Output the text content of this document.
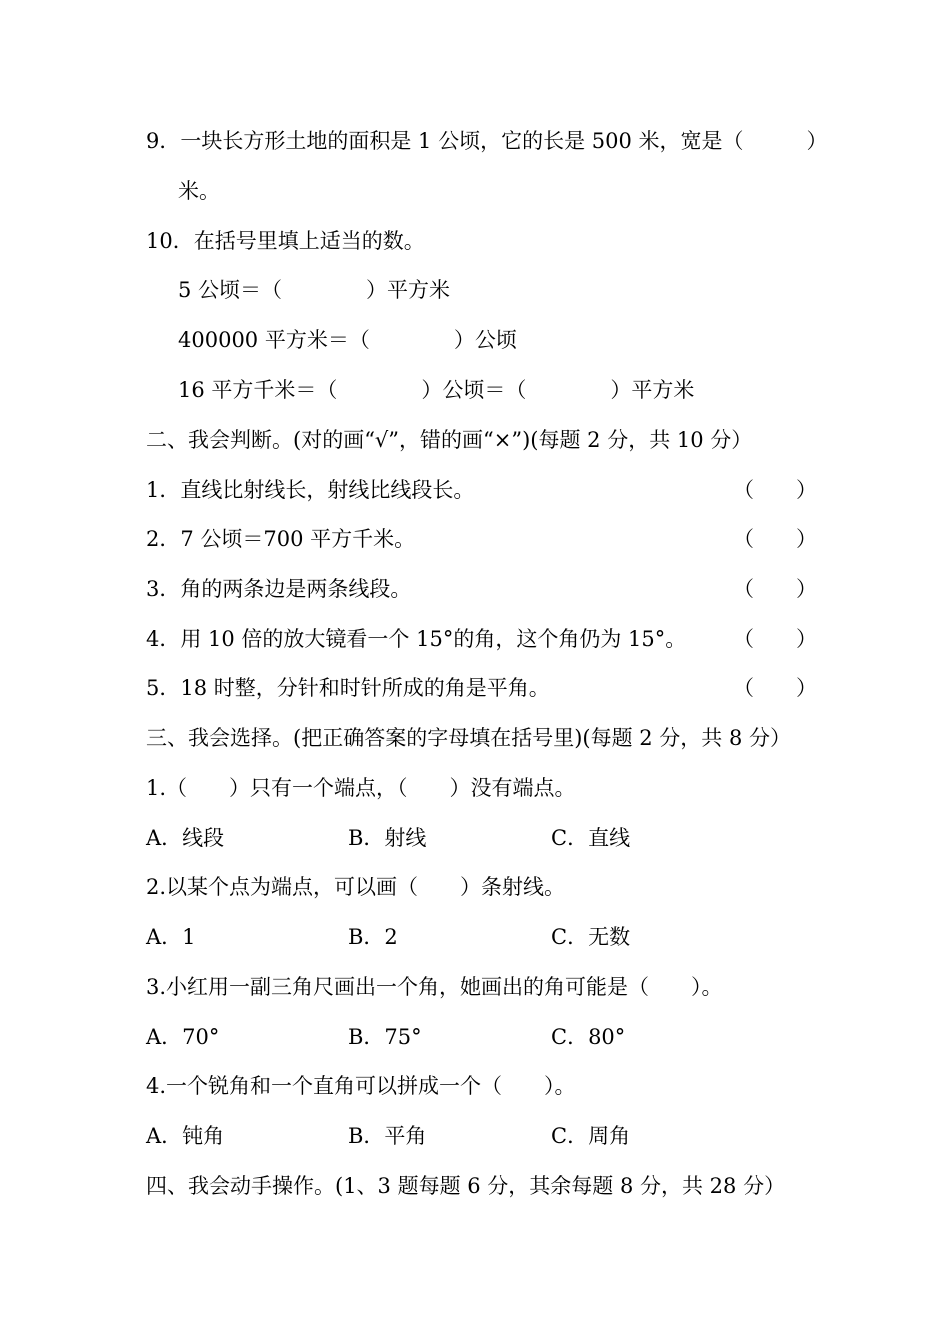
9．一块长方形土地的面积是 1 公顷，它的长是 500 米，宽是（　　　）
米。
10．在括号里填上适当的数。
5 公顷＝（　　　　）平方米
400000 平方米＝（　　　　）公顷
16 平方千米＝（　　　　）公顷＝（　　　　）平方米
二、我会判断。(对的画“√”，错的画“×”)(每题 2 分，共 10 分）
1．直线比射线长，射线比线段长。	（　　）
2．7 公顷＝700 平方千米。	（　　）
3．角的两条边是两条线段。	（　　）
4．用 10 倍的放大镜看一个 15°的角，这个角仍为 15°。 （　　）
5．18 时整，分针和时针所成的角是平角。	（　　）
三、我会选择。(把正确答案的字母填在括号里)(每题 2 分，共 8 分）
1.（　　）只有一个端点，（　　）没有端点。
A．线段	B．射线	C．直线
2.以某个点为端点，可以画（　　）条射线。
A．1	B．2	C．无数
3.小红用一副三角尺画出一个角，她画出的角可能是（　　）。
A．70°	B．75°	C．80°
4.一个锐角和一个直角可以拼成一个（　　）。
A．钝角	B．平角	C．周角
四、我会动手操作。(1、3 题每题 6 分，其余每题 8 分，共 28 分）
